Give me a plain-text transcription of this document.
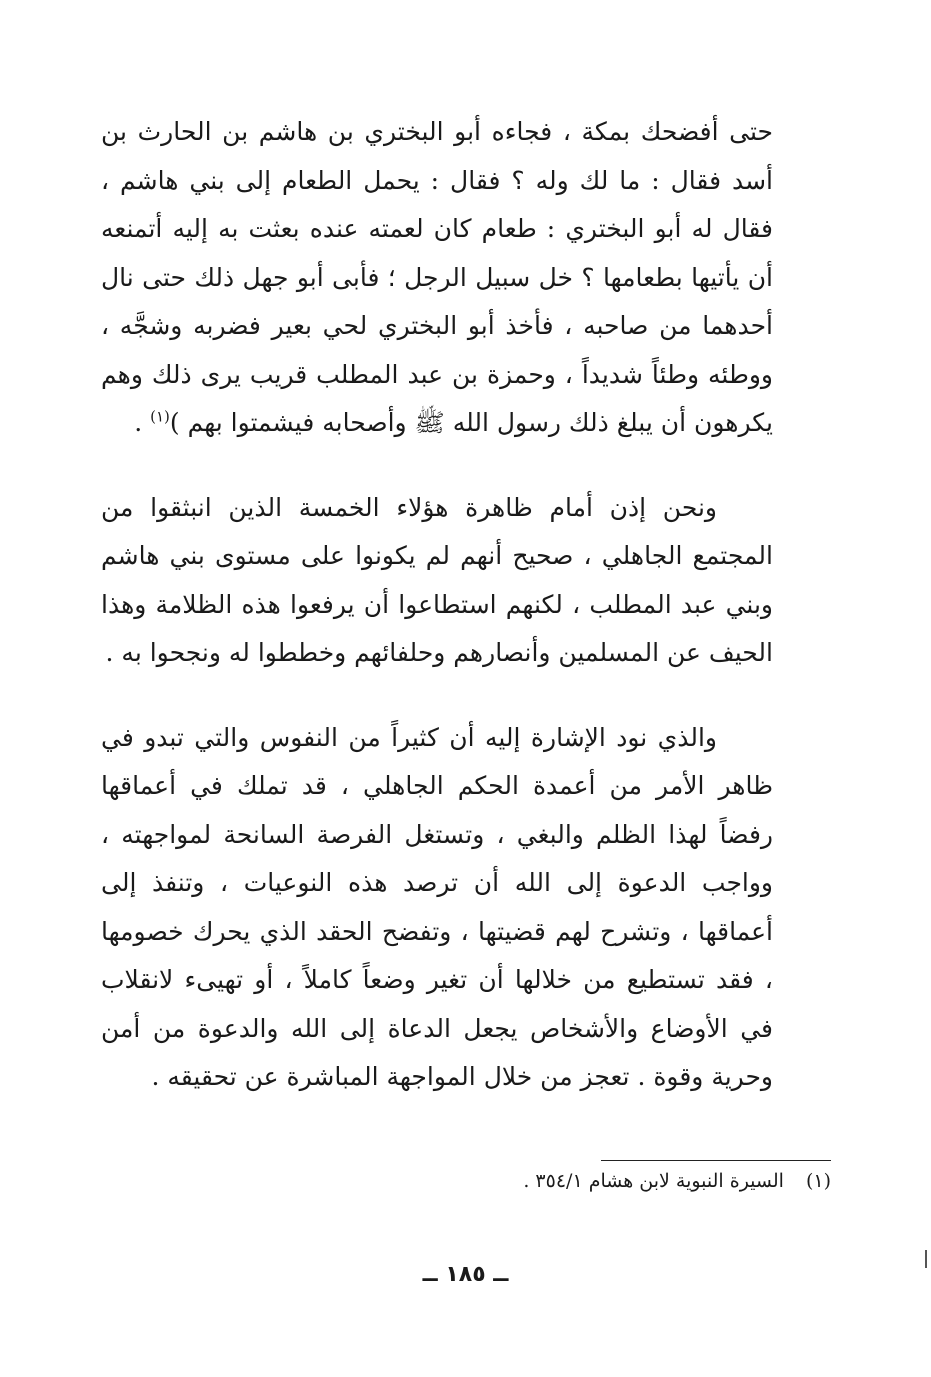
حتى أفضحك بمكة ، فجاءه أبو البختري بن هاشم بن الحارث بن أسد فقال : ما لك وله ؟ فقال : يحمل الطعام إلى بني هاشم ، فقال له أبو البختري : طعام كان لعمته عنده بعثت به إليه أتمنعه أن يأتيها بطعامها ؟ خل سبيل الرجل ؛ فأبى أبو جهل ذلك حتى نال أحدهما من صاحبه ، فأخذ أبو البختري لحي بعير فضربه وشجَّه ، ووطئه وطئاً شديداً ، وحمزة بن عبد المطلب قريب يرى ذلك وهم يكرهون أن يبلغ ذلك رسول الله ﷺ وأصحابه فيشمتوا بهم )$^{(١)}$ .

ونحن إذن أمام ظاهرة هؤلاء الخمسة الذين انبثقوا من المجتمع الجاهلي ، صحيح أنهم لم يكونوا على مستوى بني هاشم وبني عبد المطلب ، لكنهم استطاعوا أن يرفعوا هذه الظلامة وهذا الحيف عن المسلمين وأنصارهم وحلفائهم وخططوا له ونجحوا به .

والذي نود الإشارة إليه أن كثيراً من النفوس والتي تبدو في ظاهر الأمر من أعمدة الحكم الجاهلي ، قد تملك في أعماقها رفضاً لهذا الظلم والبغي ، وتستغل الفرصة السانحة لمواجهته ، وواجب الدعوة إلى الله أن ترصد هذه النوعيات ، وتنفذ إلى أعماقها ، وتشرح لهم قضيتها ، وتفضح الحقد الذي يحرك خصومها ، فقد تستطيع من خلالها أن تغير وضعاً كاملاً ، أو تهيىء لانقلاب في الأوضاع والأشخاص يجعل الدعاة إلى الله والدعوة من أمن وحرية وقوة . تعجز من خلال المواجهة المباشرة عن تحقيقه .

(١)السيرة النبوية لابن هشام ٣٥٤/١ .
ــ ١٨٥ ــ
